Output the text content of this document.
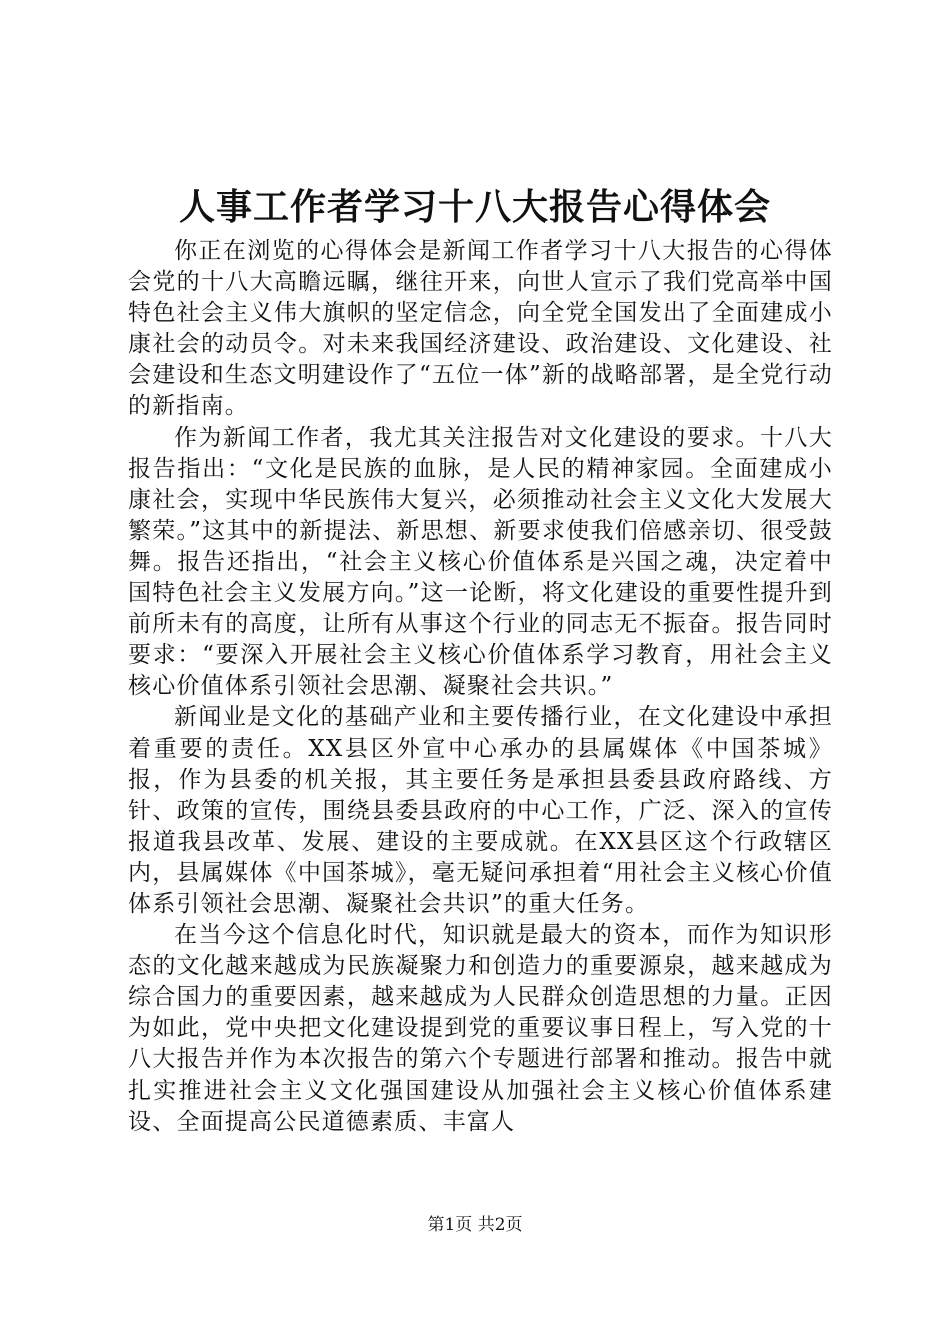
人事工作者学习十八大报告心得体会

你正在浏览的心得体会是新闻工作者学习十八大报告的心得体会党的十八大高瞻远瞩，继往开来，向世人宣示了我们党高举中国特色社会主义伟大旗帜的坚定信念，向全党全国发出了全面建成小康社会的动员令。对未来我国经济建设、政治建设、文化建设、社会建设和生态文明建设作了“五位一体”新的战略部署，是全党行动的新指南。

作为新闻工作者，我尤其关注报告对文化建设的要求。十八大报告指出：“文化是民族的血脉，是人民的精神家园。全面建成小康社会，实现中华民族伟大复兴，必须推动社会主义文化大发展大繁荣。”这其中的新提法、新思想、新要求使我们倍感亲切、很受鼓舞。报告还指出，“社会主义核心价值体系是兴国之魂，决定着中国特色社会主义发展方向。”这一论断，将文化建设的重要性提升到前所未有的高度，让所有从事这个行业的同志无不振奋。报告同时要求：“要深入开展社会主义核心价值体系学习教育，用社会主义核心价值体系引领社会思潮、凝聚社会共识。”

新闻业是文化的基础产业和主要传播行业，在文化建设中承担着重要的责任。XX县区外宣中心承办的县属媒体《中国茶城》报，作为县委的机关报，其主要任务是承担县委县政府路线、方针、政策的宣传，围绕县委县政府的中心工作，广泛、深入的宣传报道我县改革、发展、建设的主要成就。在XX县区这个行政辖区内，县属媒体《中国茶城》，毫无疑问承担着“用社会主义核心价值体系引领社会思潮、凝聚社会共识”的重大任务。

在当今这个信息化时代，知识就是最大的资本，而作为知识形态的文化越来越成为民族凝聚力和创造力的重要源泉，越来越成为综合国力的重要因素，越来越成为人民群众创造思想的力量。正因为如此，党中央把文化建设提到党的重要议事日程上，写入党的十八大报告并作为本次报告的第六个专题进行部署和推动。报告中就扎实推进社会主义文化强国建设从加强社会主义核心价值体系建设、全面提高公民道德素质、丰富人

第1页 共2页
